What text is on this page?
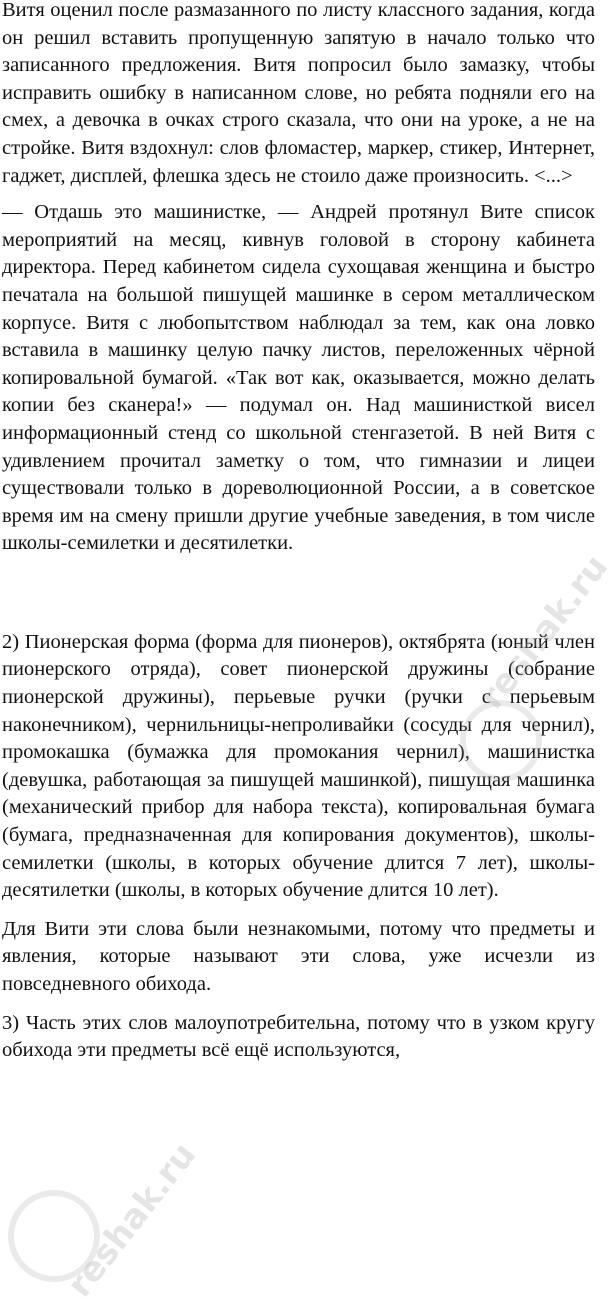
Витя оценил после размазанного по листу классного задания, когда он решил вставить пропущенную запятую в начало только что записанного предложения. Витя попросил было замазку, чтобы исправить ошибку в написанном слове, но ребята подняли его на смех, а девочка в очках строго сказала, что они на уроке, а не на стройке. Витя вздохнул: слов фломастер, маркер, стикер, Интернет, гаджет, дисплей, флешка здесь не стоило даже произносить. <...>

— Отдашь это машинистке, — Андрей протянул Вите список мероприятий на месяц, кивнув головой в сторону кабинета директора. Перед кабинетом сидела сухощавая женщина и быстро печатала на большой пишущей машинке в сером металлическом корпусе. Витя с любопытством наблюдал за тем, как она ловко вставила в машинку целую пачку листов, переложенных чёрной копировальной бумагой. «Так вот как, оказывается, можно делать копии без сканера!» — подумал он. Над машинисткой висел информационный стенд со школьной стенгазетой. В ней Витя с удивлением прочитал заметку о том, что гимназии и лицеи существовали только в дореволюционной России, а в советское время им на смену пришли другие учебные заведения, в том числе школы-семилетки и десятилетки.

2) Пионерская форма (форма для пионеров), октябрята (юный член пионерского отряда), совет пионерской дружины (собрание пионерской дружины), перьевые ручки (ручки с перьевым наконечником), чернильницы-непроливайки (сосуды для чернил), промокашка (бумажка для промокания чернил), машинистка (девушка, работающая за пишущей машинкой), пишущая машинка (механический прибор для набора текста), копировальная бумага (бумага, предназначенная для копирования документов), школы-семилетки (школы, в которых обучение длится 7 лет), школы-десятилетки (школы, в которых обучение длится 10 лет).

Для Вити эти слова были незнакомыми, потому что предметы и явления, которые называют эти слова, уже исчезли из повседневного обихода.

3) Часть этих слов малоупотребительна, потому что в узком кругу обихода эти предметы всё ещё используются,

reshak.ru
reshak.ru
